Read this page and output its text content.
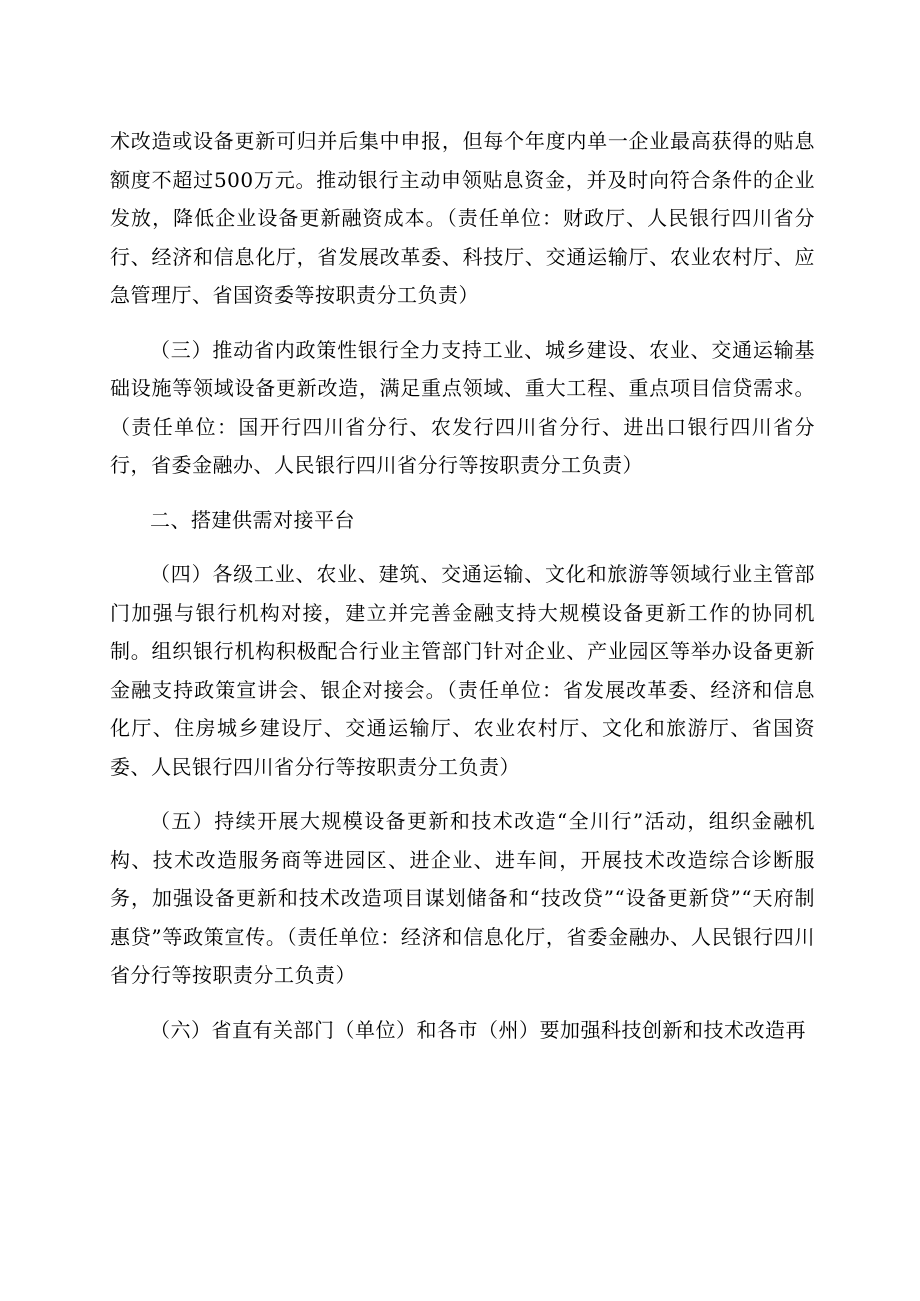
术改造或设备更新可归并后集中申报，但每个年度内单一企业最高获得的贴息额度不超过500万元。推动银行主动申领贴息资金，并及时向符合条件的企业发放，降低企业设备更新融资成本。（责任单位：财政厅、人民银行四川省分行、经济和信息化厅，省发展改革委、科技厅、交通运输厅、农业农村厅、应急管理厅、省国资委等按职责分工负责）

（三）推动省内政策性银行全力支持工业、城乡建设、农业、交通运输基础设施等领域设备更新改造，满足重点领域、重大工程、重点项目信贷需求。（责任单位：国开行四川省分行、农发行四川省分行、进出口银行四川省分行，省委金融办、人民银行四川省分行等按职责分工负责）

二、搭建供需对接平台

（四）各级工业、农业、建筑、交通运输、文化和旅游等领域行业主管部门加强与银行机构对接，建立并完善金融支持大规模设备更新工作的协同机制。组织银行机构积极配合行业主管部门针对企业、产业园区等举办设备更新金融支持政策宣讲会、银企对接会。（责任单位：省发展改革委、经济和信息化厅、住房城乡建设厅、交通运输厅、农业农村厅、文化和旅游厅、省国资委、人民银行四川省分行等按职责分工负责）

（五）持续开展大规模设备更新和技术改造“全川行”活动，组织金融机构、技术改造服务商等进园区、进企业、进车间，开展技术改造综合诊断服务，加强设备更新和技术改造项目谋划储备和“技改贷”“设备更新贷”“天府制惠贷”等政策宣传。（责任单位：经济和信息化厅，省委金融办、人民银行四川省分行等按职责分工负责）

（六）省直有关部门（单位）和各市（州）要加强科技创新和技术改造再
